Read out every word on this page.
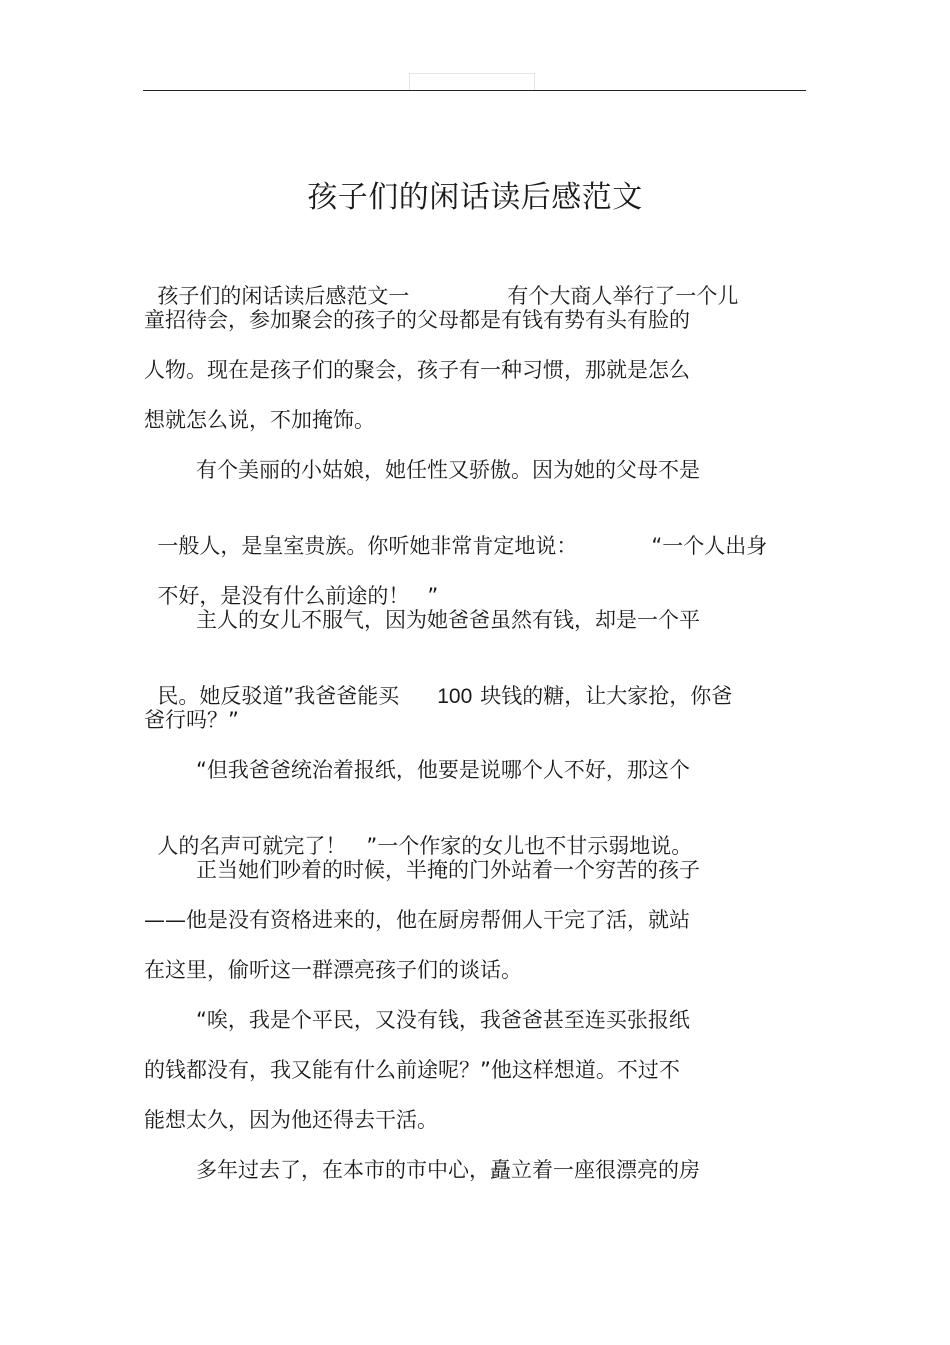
孩子们的闲话读后感范文

孩子们的闲话读后感范文一	有个大商人举行了一个儿

童招待会，参加聚会的孩子的父母都是有钱有势有头有脸的
人物。现在是孩子们的聚会，孩子有一种习惯，那就是怎么
想就怎么说，不加掩饰。
有个美丽的小姑娘，她任性又骄傲。因为她的父母不是

一般人，是皇室贵族。你听她非常肯定地说：	“一个人出身

不好，是没有什么前途的！ ”

主人的女儿不服气，因为她爸爸虽然有钱，却是一个平

民。她反驳道”我爸爸能买 100 块钱的糖，让大家抢，你爸

爸行吗？”
“但我爸爸统治着报纸，他要是说哪个人不好，那这个

人的名声可就完了！ ”一个作家的女儿也不甘示弱地说。

正当她们吵着的时候，半掩的门外站着一个穷苦的孩子
——他是没有资格进来的，他在厨房帮佣人干完了活，就站
在这里，偷听这一群漂亮孩子们的谈话。
“唉，我是个平民，又没有钱，我爸爸甚至连买张报纸
的钱都没有，我又能有什么前途呢？”他这样想道。不过不
能想太久，因为他还得去干活。
多年过去了，在本市的市中心，矗立着一座很漂亮的房
